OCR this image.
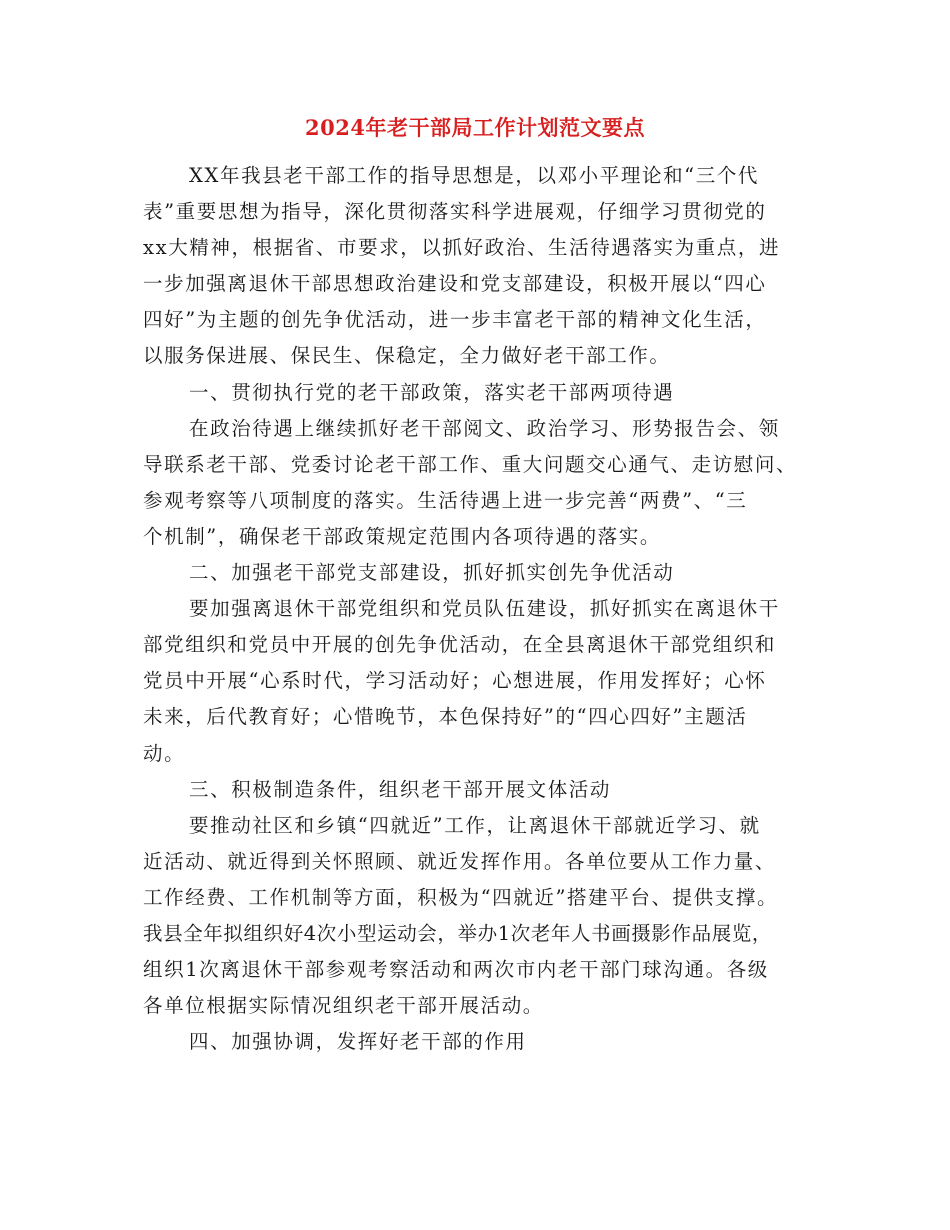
2024年老干部局工作计划范文要点
XX年我县老干部工作的指导思想是，以邓小平理论和“三个代
表”重要思想为指导，深化贯彻落实科学进展观，仔细学习贯彻党的
xx大精神，根据省、市要求，以抓好政治、生活待遇落实为重点，进
一步加强离退休干部思想政治建设和党支部建设，积极开展以“四心
四好”为主题的创先争优活动，进一步丰富老干部的精神文化生活，
以服务保进展、保民生、保稳定，全力做好老干部工作。
一、贯彻执行党的老干部政策，落实老干部两项待遇
在政治待遇上继续抓好老干部阅文、政治学习、形势报告会、领
导联系老干部、党委讨论老干部工作、重大问题交心通气、走访慰问、
参观考察等八项制度的落实。生活待遇上进一步完善“两费”、“三
个机制”，确保老干部政策规定范围内各项待遇的落实。
二、加强老干部党支部建设，抓好抓实创先争优活动
要加强离退休干部党组织和党员队伍建设，抓好抓实在离退休干
部党组织和党员中开展的创先争优活动，在全县离退休干部党组织和
党员中开展“心系时代，学习活动好；心想进展，作用发挥好；心怀
未来，后代教育好；心惜晚节，本色保持好”的“四心四好”主题活
动。
三、积极制造条件，组织老干部开展文体活动
要推动社区和乡镇“四就近”工作，让离退休干部就近学习、就
近活动、就近得到关怀照顾、就近发挥作用。各单位要从工作力量、
工作经费、工作机制等方面，积极为“四就近”搭建平台、提供支撑。
我县全年拟组织好4次小型运动会，举办1次老年人书画摄影作品展览，
组织1次离退休干部参观考察活动和两次市内老干部门球沟通。各级
各单位根据实际情况组织老干部开展活动。
四、加强协调，发挥好老干部的作用
